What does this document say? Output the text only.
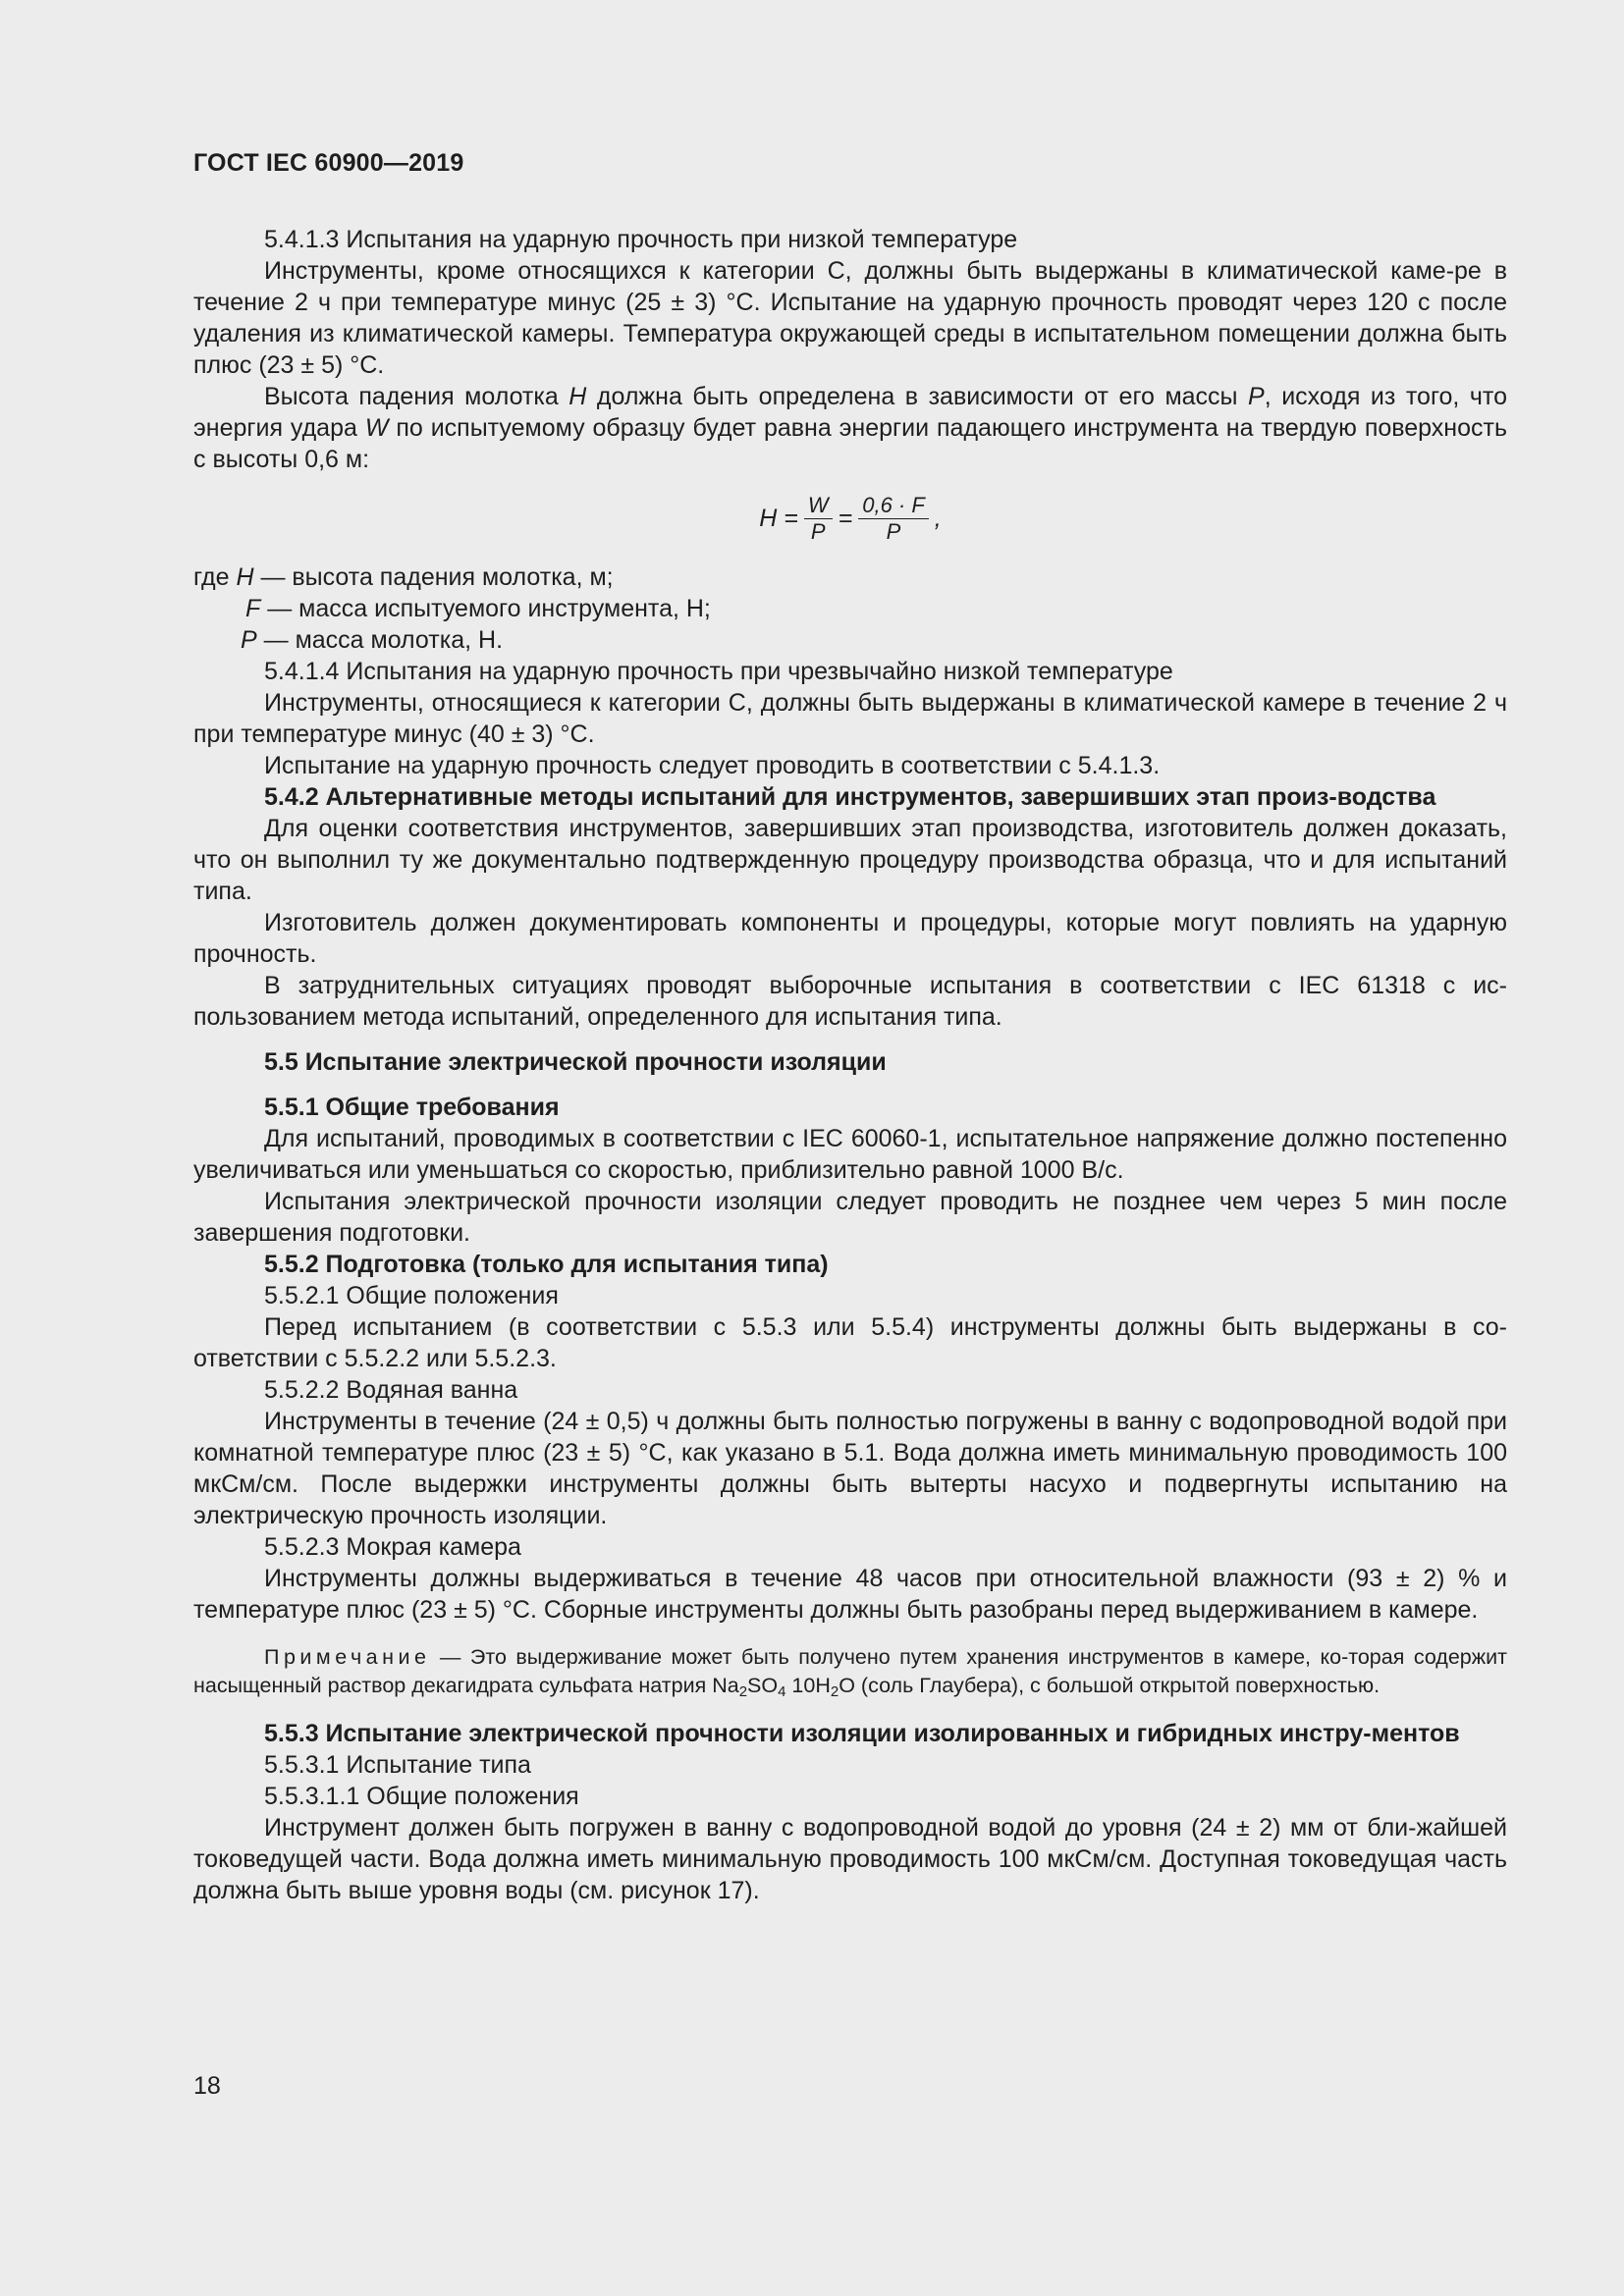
ГОСТ IEC 60900—2019

5.4.1.3 Испытания на ударную прочность при низкой температуре

Инструменты, кроме относящихся к категории С, должны быть выдержаны в климатической каме-ре в течение 2 ч при температуре минус (25 ± 3) °С. Испытание на ударную прочность проводят через 120 с после удаления из климатической камеры. Температура окружающей среды в испытательном помещении должна быть плюс (23 ± 5) °С.

Высота падения молотка H должна быть определена в зависимости от его массы P, исходя из того, что энергия удара W по испытуемому образцу будет равна энергии падающего инструмента на твердую поверхность с высоты 0,6 м:

$H = \frac{W}{P} = \frac{0,6 \cdot F}{P}$ ,

где H — высота падения молотка, м;

F — масса испытуемого инструмента, Н;

P — масса молотка, Н.

5.4.1.4 Испытания на ударную прочность при чрезвычайно низкой температуре

Инструменты, относящиеся к категории С, должны быть выдержаны в климатической камере в течение 2 ч при температуре минус (40 ± 3) °С.

Испытание на ударную прочность следует проводить в соответствии с 5.4.1.3.

5.4.2 Альтернативные методы испытаний для инструментов, завершивших этап произ-водства

Для оценки соответствия инструментов, завершивших этап производства, изготовитель должен доказать, что он выполнил ту же документально подтвержденную процедуру производства образца, что и для испытаний типа.

Изготовитель должен документировать компоненты и процедуры, которые могут повлиять на ударную прочность.

В затруднительных ситуациях проводят выборочные испытания в соответствии с IEC 61318 с ис-пользованием метода испытаний, определенного для испытания типа.

5.5 Испытание электрической прочности изоляции

5.5.1 Общие требования

Для испытаний, проводимых в соответствии с IEC 60060-1, испытательное напряжение должно постепенно увеличиваться или уменьшаться со скоростью, приблизительно равной 1000 В/с.

Испытания электрической прочности изоляции следует проводить не позднее чем через 5 мин после завершения подготовки.

5.5.2 Подготовка (только для испытания типа)

5.5.2.1 Общие положения

Перед испытанием (в соответствии с 5.5.3 или 5.5.4) инструменты должны быть выдержаны в со-ответствии с 5.5.2.2 или 5.5.2.3.

5.5.2.2 Водяная ванна

Инструменты в течение (24 ± 0,5) ч должны быть полностью погружены в ванну с водопроводной водой при комнатной температуре плюс (23 ± 5) °С, как указано в 5.1. Вода должна иметь минимальную проводимость 100 мкСм/см. После выдержки инструменты должны быть вытерты насухо и подвергнуты испытанию на электрическую прочность изоляции.

5.5.2.3 Мокрая камера

Инструменты должны выдерживаться в течение 48 часов при относительной влажности (93 ± 2) % и температуре плюс (23 ± 5) °С. Сборные инструменты должны быть разобраны перед выдерживанием в камере.

Примечание — Это выдерживание может быть получено путем хранения инструментов в камере, ко-торая содержит насыщенный раствор декагидрата сульфата натрия $Na_2SO_4$ $10H_2O$ (соль Глаубера), с большой открытой поверхностью.

5.5.3 Испытание электрической прочности изоляции изолированных и гибридных инстру-ментов

5.5.3.1 Испытание типа

5.5.3.1.1 Общие положения

Инструмент должен быть погружен в ванну с водопроводной водой до уровня (24 ± 2) мм от бли-жайшей токоведущей части. Вода должна иметь минимальную проводимость 100 мкСм/см. Доступная токоведущая часть должна быть выше уровня воды (см. рисунок 17).

18
